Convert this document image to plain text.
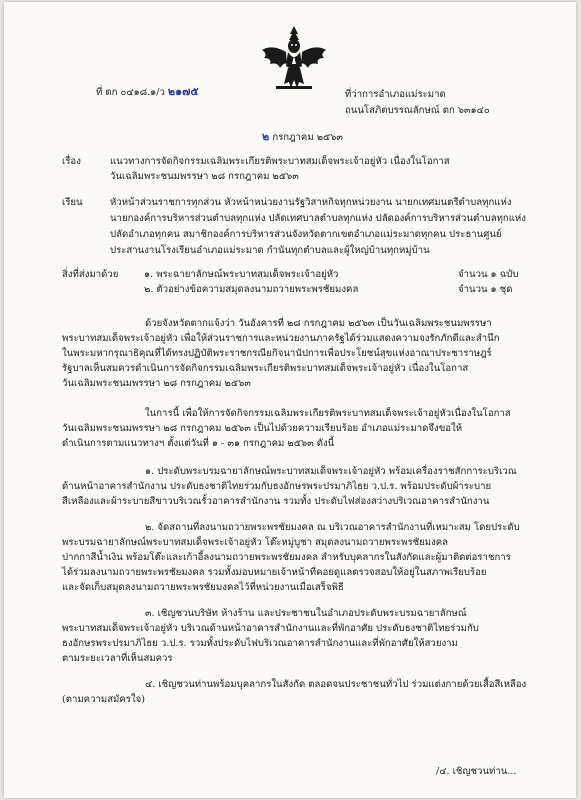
ที่ ตก ๐๔๑๘.๑/ว ๒๑๗๕	ที่ว่าการอำเภอแม่ระมาด
ถนนโสภิตบรรณลักษณ์ ตก ๖๓๑๔๐
๒ กรกฎาคม ๒๕๖๓
เรื่อง	แนวทางการจัดกิจกรรมเฉลิมพระเกียรติพระบาทสมเด็จพระเจ้าอยู่หัว เนื่องในโอกาส
วันเฉลิมพระชนมพรรษา ๒๘ กรกฎาคม ๒๕๖๓
เรียน	หัวหน้าส่วนราชการทุกส่วน หัวหน้าหน่วยงานรัฐวิสาหกิจทุกหน่วยงาน นายกเทศมนตรีตำบลทุกแห่ง
นายกองค์การบริหารส่วนตำบลทุกแห่ง ปลัดเทศบาลตำบลทุกแห่ง ปลัดองค์การบริหารส่วนตำบลทุกแห่ง
ปลัดอำเภอทุกคน สมาชิกองค์การบริหารส่วนจังหวัดตากเขตอำเภอแม่ระมาดทุกคน ประธานศูนย์
ประสานงานโรงเรียนอำเภอแม่ระมาด กำนันทุกตำบลและผู้ใหญ่บ้านทุกหมู่บ้าน
สิ่งที่ส่งมาด้วย	๑. พระฉายาลักษณ์พระบาทสมเด็จพระเจ้าอยู่หัว	จำนวน ๑ ฉบับ
๒. ตัวอย่างข้อความสมุดลงนามถวายพระพรชัยมงคล	จำนวน ๑ ชุด
ด้วยจังหวัดตากแจ้งว่า วันอังคารที่ ๒๘ กรกฎาคม ๒๕๖๓ เป็นวันเฉลิมพระชนมพรรษา
พระบาทสมเด็จพระเจ้าอยู่หัว เพื่อให้ส่วนราชการและหน่วยงานภาครัฐได้ร่วมแสดงความจงรักภักดีและสำนึก
ในพระมหากรุณาธิคุณที่ได้ทรงปฏิบัติพระราชกรณียกิจนานัปการเพื่อประโยชน์สุขแห่งอาณาประชาราษฎร์
รัฐบาลเห็นสมควรดำเนินการจัดกิจกรรมเฉลิมพระเกียรติพระบาทสมเด็จพระเจ้าอยู่หัว เนื่องในโอกาส
วันเฉลิมพระชนมพรรษา ๒๘ กรกฎาคม ๒๕๖๓
ในการนี้ เพื่อให้การจัดกิจกรรมเฉลิมพระเกียรติพระบาทสมเด็จพระเจ้าอยู่หัวเนื่องในโอกาส
วันเฉลิมพระชนมพรรษา ๒๘ กรกฎาคม ๒๕๖๓ เป็นไปด้วยความเรียบร้อย อำเภอแม่ระมาดจึงขอให้
ดำเนินการตามแนวทางฯ ตั้งแต่วันที่ ๑ - ๓๑ กรกฎาคม ๒๕๖๓ ดังนี้
๑. ประดับพระบรมฉายาลักษณ์พระบาทสมเด็จพระเจ้าอยู่หัว พร้อมเครื่องราชสักการะบริเวณ
ด้านหน้าอาคารสำนักงาน ประดับธงชาติไทยร่วมกับธงอักษรพระปรมาภิไธย ว.ป.ร. พร้อมประดับผ้าระบาย
สีเหลืองและผ้าระบายสีขาวบริเวณรั้วอาคารสำนักงาน รวมทั้ง ประดับไฟส่องสว่างบริเวณอาคารสำนักงาน
๒. จัดสถานที่ลงนามถวายพระพรชัยมงคล ณ บริเวณอาคารสำนักงานที่เหมาะสม โดยประดับ
พระบรมฉายาลักษณ์พระบาทสมเด็จพระเจ้าอยู่หัว โต๊ะหมู่บูชา สมุดลงนามถวายพระพรชัยมงคล
ปากกาสีน้ำเงิน พร้อมโต๊ะและเก้าอี้ลงนามถวายพระพรชัยมงคล สำหรับบุคลากรในสังกัดและผู้มาติดต่อราชการ
ได้ร่วมลงนามถวายพระพรชัยมงคล รวมทั้งมอบหมายเจ้าหน้าที่คอยดูแลตรวจสอบให้อยู่ในสภาพเรียบร้อย
และจัดเก็บสมุดลงนามถวายพระพรชัยมงคลไว้ที่หน่วยงานเมื่อเสร็จพิธี
๓. เชิญชวนบริษัท ห้างร้าน และประชาชนในอำเภอประดับพระบรมฉายาลักษณ์
พระบาทสมเด็จพระเจ้าอยู่หัว บริเวณด้านหน้าอาคารสำนักงานและที่พักอาศัย ประดับธงชาติไทยร่วมกับ
ธงอักษรพระปรมาภิไธย ว.ป.ร. รวมทั้งประดับไฟบริเวณอาคารสำนักงานและที่พักอาศัยให้สวยงาม
ตามระยะเวลาที่เห็นสมควร
๔. เชิญชวนท่านพร้อมบุคลากรในสังกัด ตลอดจนประชาชนทั่วไป ร่วมแต่งกายด้วยเสื้อสีเหลือง
(ตามความสมัครใจ)
/๔. เชิญชวนท่าน...
